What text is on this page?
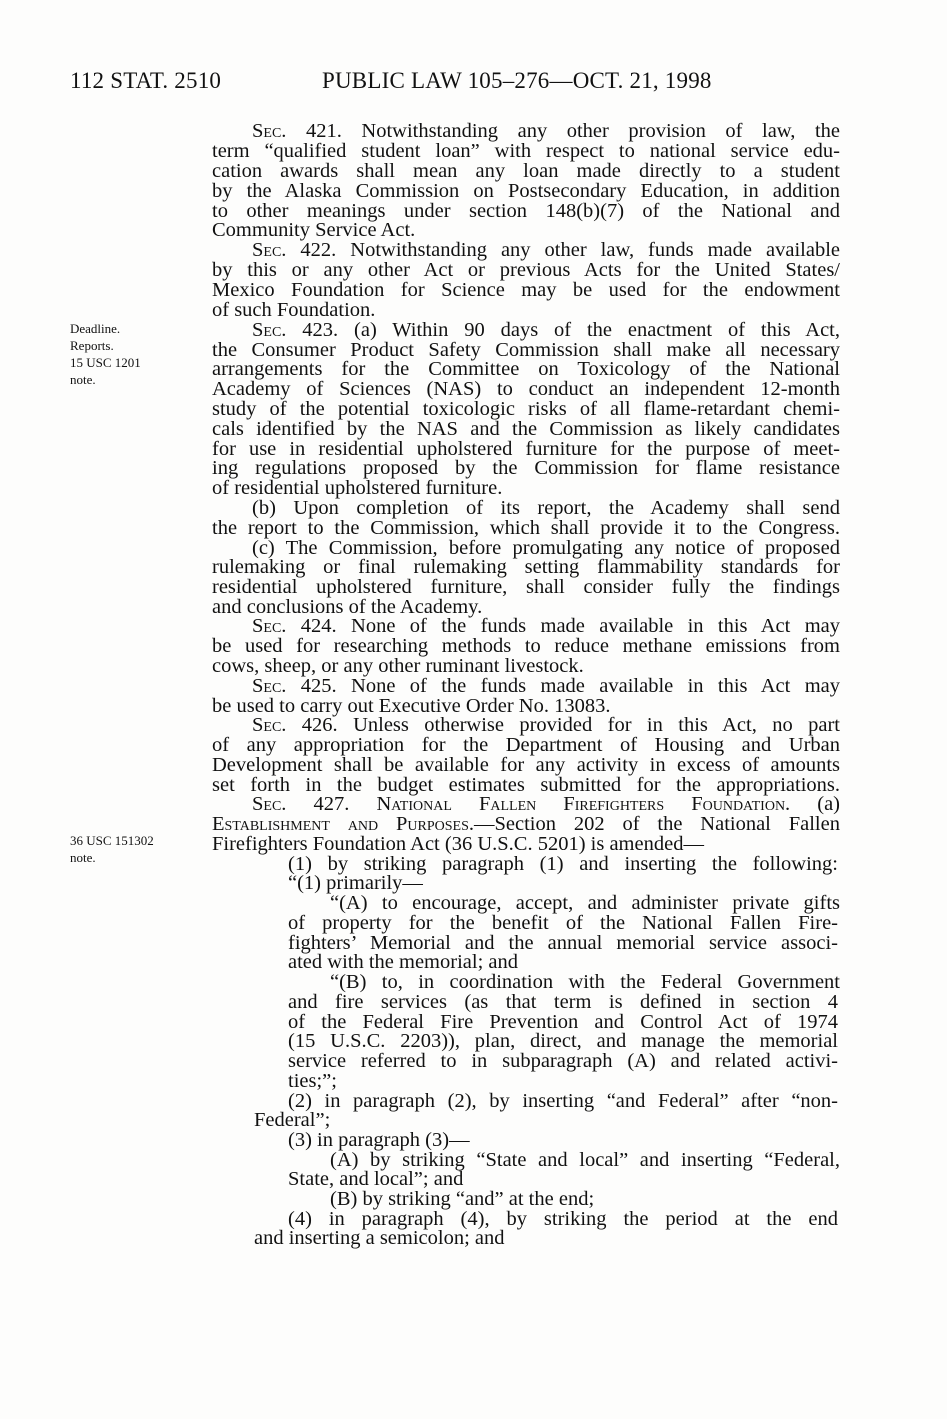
112 STAT. 2510	PUBLIC LAW 105–276—OCT. 21, 1998
Deadline.
Reports.
15 USC 1201
note.
36 USC 151302
note.
Sec. 421. Notwithstanding any other provision of law, the
term “qualified student loan” with respect to national service edu-
cation awards shall mean any loan made directly to a student
by the Alaska Commission on Postsecondary Education, in addition
to other meanings under section 148(b)(7) of the National and
Community Service Act.
Sec. 422. Notwithstanding any other law, funds made available
by this or any other Act or previous Acts for the United States/
Mexico Foundation for Science may be used for the endowment
of such Foundation.
Sec. 423. (a) Within 90 days of the enactment of this Act,
the Consumer Product Safety Commission shall make all necessary
arrangements for the Committee on Toxicology of the National
Academy of Sciences (NAS) to conduct an independent 12-month
study of the potential toxicologic risks of all flame-retardant chemi-
cals identified by the NAS and the Commission as likely candidates
for use in residential upholstered furniture for the purpose of meet-
ing regulations proposed by the Commission for flame resistance
of residential upholstered furniture.
(b) Upon completion of its report, the Academy shall send
the report to the Commission, which shall provide it to the Congress.
(c) The Commission, before promulgating any notice of proposed
rulemaking or final rulemaking setting flammability standards for
residential upholstered furniture, shall consider fully the findings
and conclusions of the Academy.
Sec. 424. None of the funds made available in this Act may
be used for researching methods to reduce methane emissions from
cows, sheep, or any other ruminant livestock.
Sec. 425. None of the funds made available in this Act may
be used to carry out Executive Order No. 13083.
Sec. 426. Unless otherwise provided for in this Act, no part
of any appropriation for the Department of Housing and Urban
Development shall be available for any activity in excess of amounts
set forth in the budget estimates submitted for the appropriations.
Sec. 427. National Fallen Firefighters Foundation. (a)
Establishment and Purposes.—Section 202 of the National Fallen
Firefighters Foundation Act (36 U.S.C. 5201) is amended—
(1) by striking paragraph (1) and inserting the following:
“(1) primarily—
“(A) to encourage, accept, and administer private gifts
of property for the benefit of the National Fallen Fire-
fighters’ Memorial and the annual memorial service associ-
ated with the memorial; and
“(B) to, in coordination with the Federal Government
and fire services (as that term is defined in section 4
of the Federal Fire Prevention and Control Act of 1974
(15 U.S.C. 2203)), plan, direct, and manage the memorial
service referred to in subparagraph (A) and related activi-
ties;”;
(2) in paragraph (2), by inserting “and Federal” after “non-
Federal”;
(3) in paragraph (3)—
(A) by striking “State and local” and inserting “Federal,
State, and local”; and
(B) by striking “and” at the end;
(4) in paragraph (4), by striking the period at the end
and inserting a semicolon; and
